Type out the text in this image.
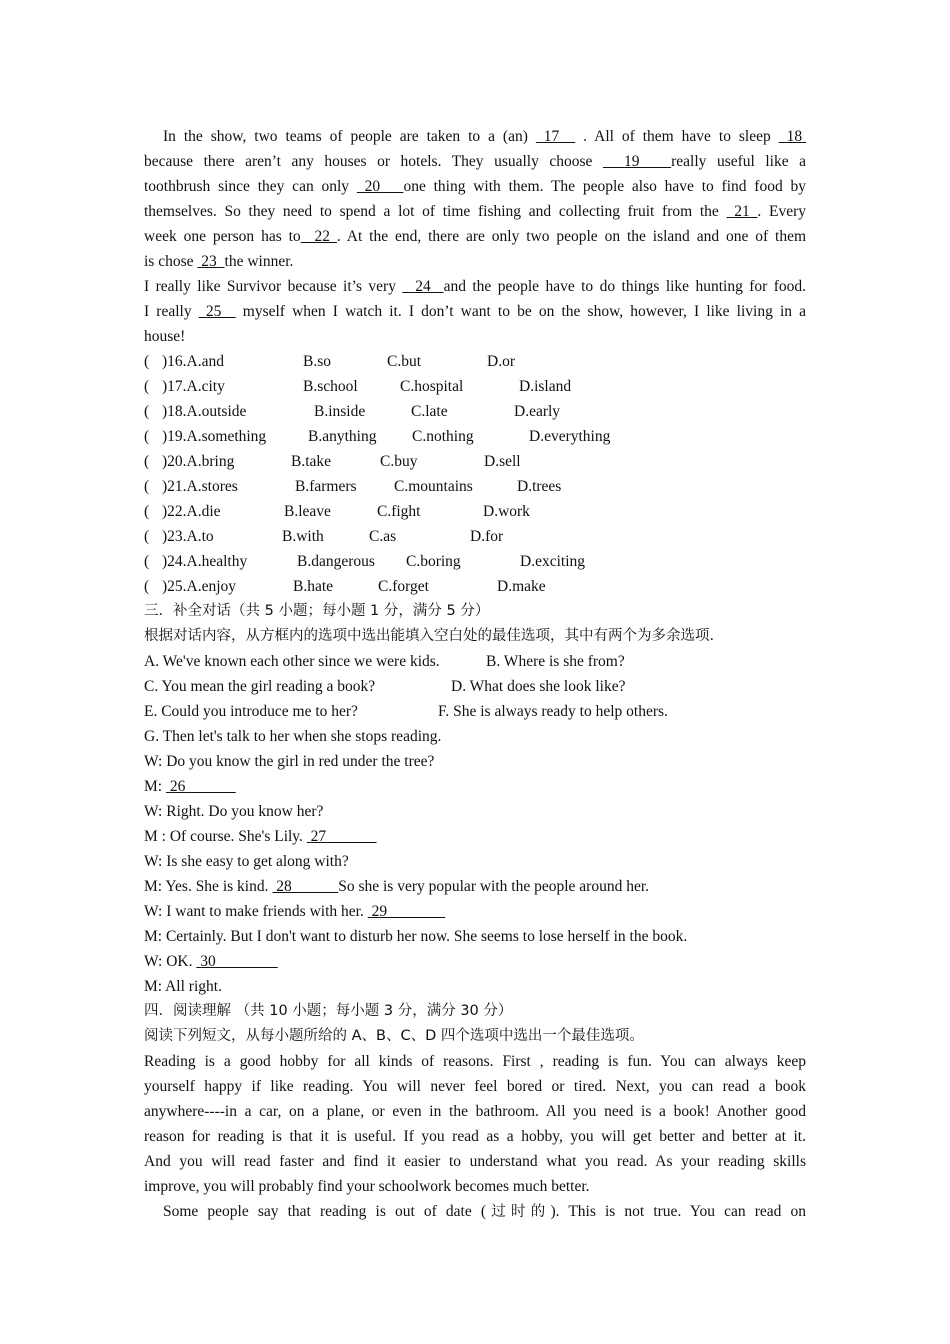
In the show, two teams of people are taken to a (an) 17 . All of them have to sleep 18
because there aren’t any houses or hotels. They usually choose 19 really useful like a
toothbrush since they can only 20 one thing with them. The people also have to find food by
themselves. So they need to spend a lot of time fishing and collecting fruit from the 21 . Every
week one person has to 22 . At the end, there are only two people on the island and one of them
is chose 23 the winner.
I really like Survivor because it’s very 24 and the people have to do things like hunting for food.
I really 25 myself when I watch it. I don’t want to be on the show, however, I like living in a
house!
( )16.A.and	B.so	C.but	D.or
( )17.A.city	B.school	C.hospital	D.island
( )18.A.outside	B.inside	C.late	D.early
( )19.A.something	B.anything C.nothing	D.everything
( )20.A.bring	B.take	C.buy	D.sell
( )21.A.stores	B.farmers C.mountains	D.trees
( )22.A.die	B.leave	C.fight	D.work
( )23.A.to	B.with	C.as	D.for
( )24.A.healthy	B.dangerous C.boring	D.exciting
( )25.A.enjoy	B.hate	C.forget	D.make
三．补全对话（共 5 小题；每小题 1 分，满分 5 分）
根据对话内容，从方框内的选项中选出能填入空白处的最佳选项，其中有两个为多余选项.
A. We've known each other since we were kids.	B. Where is she from?
C. You mean the girl reading a book?	D. What does she look like?
E. Could you introduce me to her?	F. She is always ready to help others.
G. Then let's talk to her when she stops reading.
W: Do you know the girl in red under the tree?
M: 26
W: Right. Do you know her?
M : Of course. She's Lily. 27
W: Is she easy to get along with?
M: Yes. She is kind. 28	So she is very popular with the people around her.
W: I want to make friends with her. 29
M: Certainly. But I don't want to disturb her now. She seems to lose herself in the book.
W: OK. 30
M: All right.
四．阅读理解 （共 10 小题；每小题 3 分，满分 30 分）
阅读下列短文，从每小题所给的 A、B、C、D 四个选项中选出一个最佳选项。
Reading is a good hobby for all kinds of reasons. First , reading is fun. You can always keep
yourself happy if like reading. You will never feel bored or tired. Next, you can read a book
anywhere----in a car, on a plane, or even in the bathroom. All you need is a book! Another good
reason for reading is that it is useful. If you read as a hobby, you will get better and better at it.
And you will read faster and find it easier to understand what you read. As your reading skills
improve, you will probably find your schoolwork becomes much better.
Some people say that reading is out of date (过时的). This is not true. You can read on
